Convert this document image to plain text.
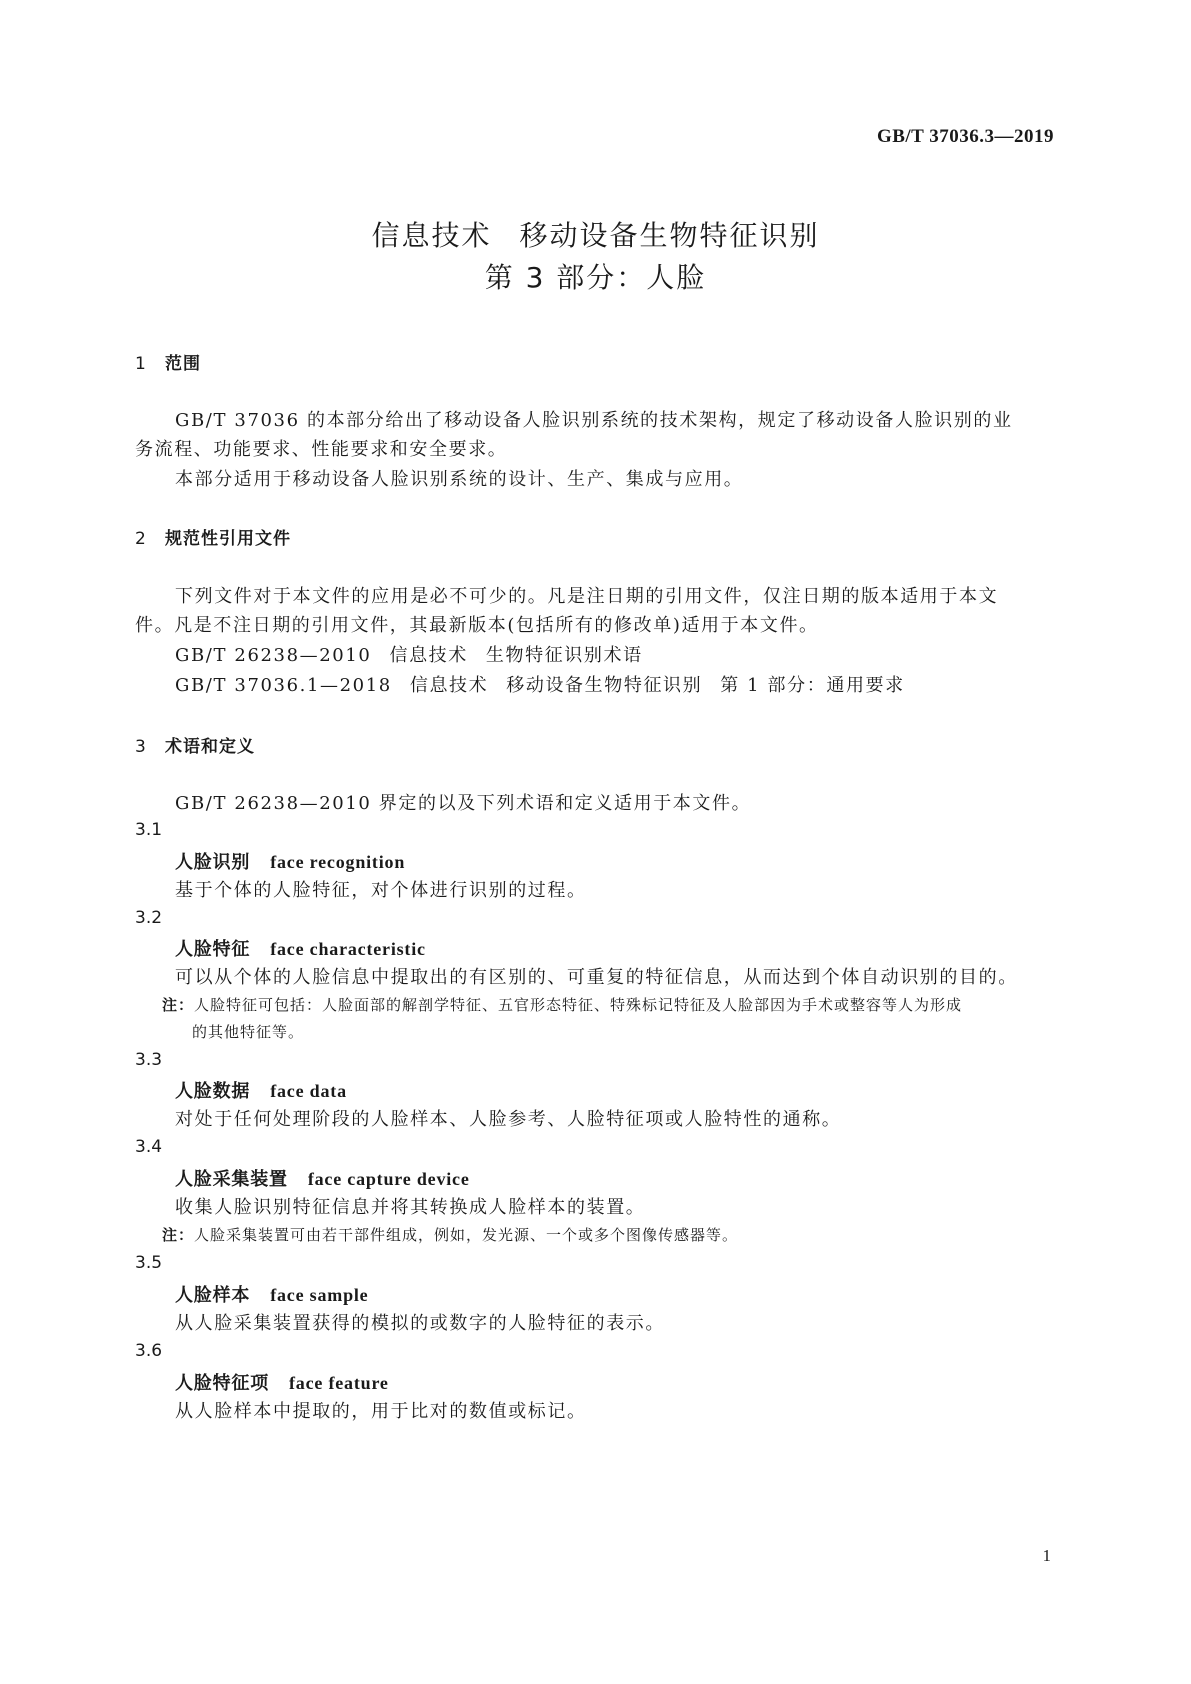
GB/T 37036.3—2019
信息技术 移动设备生物特征识别
第 3 部分：人脸
1 范围
GB/T 37036 的本部分给出了移动设备人脸识别系统的技术架构，规定了移动设备人脸识别的业
务流程、功能要求、性能要求和安全要求。
本部分适用于移动设备人脸识别系统的设计、生产、集成与应用。
2 规范性引用文件
下列文件对于本文件的应用是必不可少的。凡是注日期的引用文件，仅注日期的版本适用于本文
件。凡是不注日期的引用文件，其最新版本(包括所有的修改单)适用于本文件。
GB/T 26238—2010 信息技术 生物特征识别术语
GB/T 37036.1—2018 信息技术 移动设备生物特征识别 第 1 部分：通用要求
3 术语和定义
GB/T 26238—2010 界定的以及下列术语和定义适用于本文件。
3.1
人脸识别 face recognition
基于个体的人脸特征，对个体进行识别的过程。
3.2
人脸特征 face characteristic
可以从个体的人脸信息中提取出的有区别的、可重复的特征信息，从而达到个体自动识别的目的。
注：人脸特征可包括：人脸面部的解剖学特征、五官形态特征、特殊标记特征及人脸部因为手术或整容等人为形成
的其他特征等。
3.3
人脸数据 face data
对处于任何处理阶段的人脸样本、人脸参考、人脸特征项或人脸特性的通称。
3.4
人脸采集装置 face capture device
收集人脸识别特征信息并将其转换成人脸样本的装置。
注：人脸采集装置可由若干部件组成，例如，发光源、一个或多个图像传感器等。
3.5
人脸样本 face sample
从人脸采集装置获得的模拟的或数字的人脸特征的表示。
3.6
人脸特征项 face feature
从人脸样本中提取的，用于比对的数值或标记。
1
